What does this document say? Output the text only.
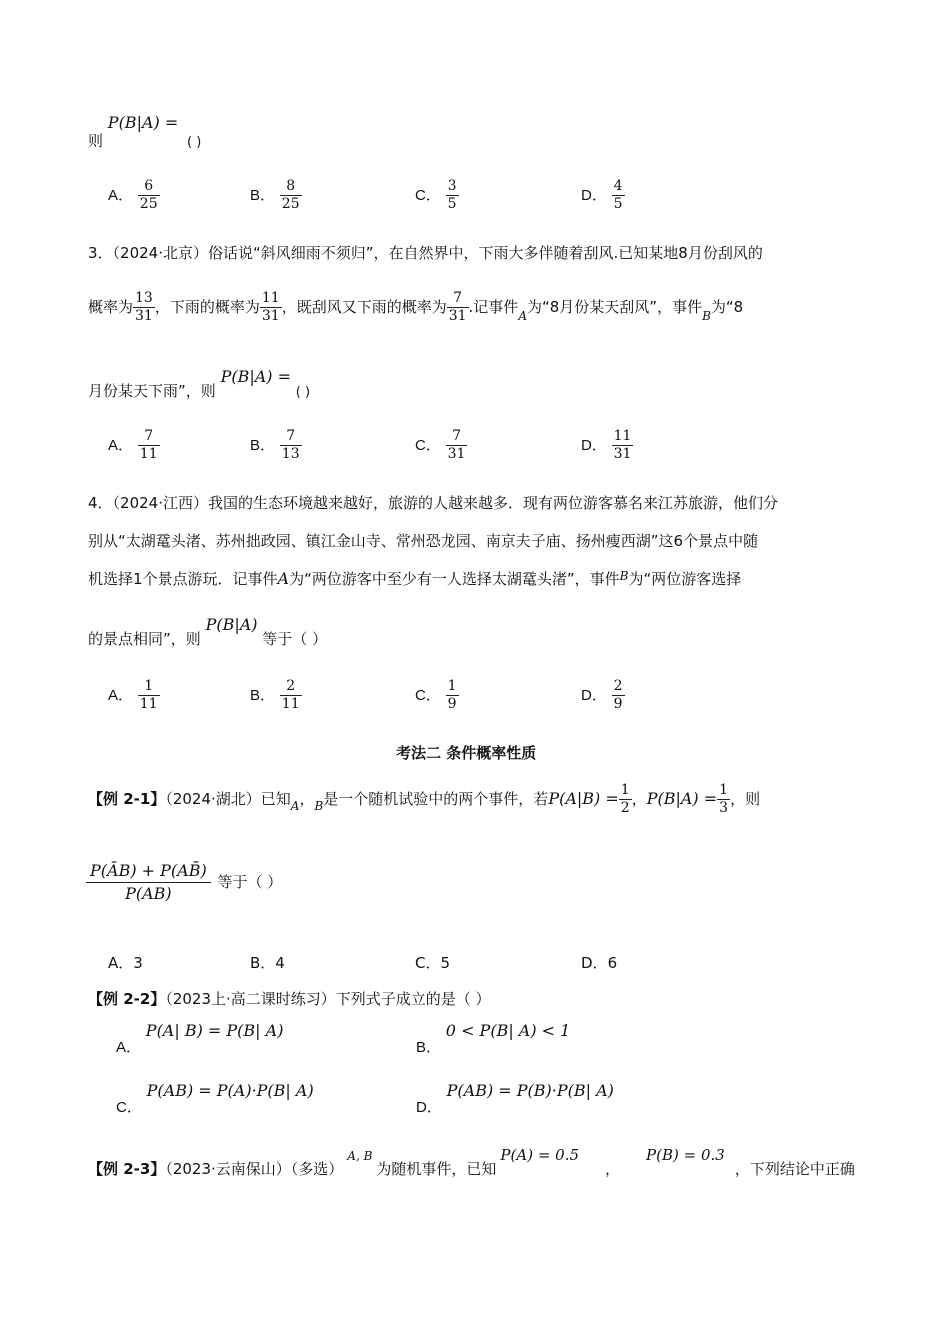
则 P(B|A) = ( )
A． $\frac{6}{25}$	B． $\frac{8}{25}$	C． $\frac{3}{5}$	D． $\frac{4}{5}$
3．（2024·北京）俗话说“斜风细雨不须归”，在自然界中，下雨大多伴随着刮风.已知某地8月份刮风的
概率为 $\frac{13}{31}$ ，下雨的概率为 $\frac{11}{31}$ ，既刮风又下雨的概率为 $\frac{7}{31}$ .记事件$_A$为“8月份某天刮风”，事件$_B$为“8
月份某天下雨”，则 P(B|A) = ( )
A． $\frac{7}{11}$	B． $\frac{7}{13}$	C． $\frac{7}{31}$	D． $\frac{11}{31}$
4．（2024·江西）我国的生态环境越来越好，旅游的人越来越多．现有两位游客慕名来江苏旅游，他们分
别从“太湖鼋头渚、苏州拙政园、镇江金山寺、常州恐龙园、南京夫子庙、扬州瘦西湖”这6个景点中随
机选择1个景点游玩．记事件A为“两位游客中至少有一人选择太湖鼋头渚”，事件$^B$为“两位游客选择
的景点相同”，则 P(B|A) 等于（ ）
A． $\frac{1}{11}$	B． $\frac{2}{11}$	C． $\frac{1}{9}$	D． $\frac{2}{9}$
考法二 条件概率性质
【例 2-1】（2024·湖北）已知$_A$，$_B$是一个随机试验中的两个事件，若$P(A|B) = \frac{1}{2}$ ，$P(B|A) = \frac{1}{3}$ ，则
$\frac{P(ĀB) + P(AB̄)}{P(AB)}$ 等于（ ）
A．3	B．4	C．5	D．6
【例 2-2】（2023上·高二课时练习）下列式子成立的是（ ）
A． P(A| B) = P(B| A)
B． 0 < P(B| A) < 1
C． P(AB) = P(A)·P(B| A)
D． P(AB) = P(B)·P(B| A)
【例 2-3】（2023·云南保山）（多选）A, B为随机事件，已知P(A) = 0.5，P(B) = 0.3，下列结论中正确
